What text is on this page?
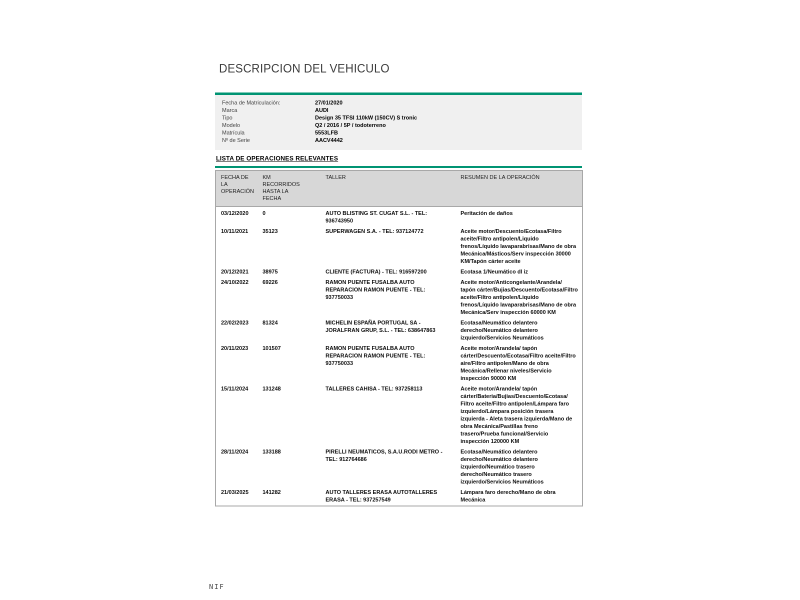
DESCRIPCION DEL VEHICULO
Fecha de Matriculación:	27/01/2020
Marca	AUDI
Tipo	Design 35 TFSI 110kW (150CV) S tronic
Modelo	Q2 / 2016 / 5P / todoterreno
Matrícula	5553LFB
Nº de Serie	AACV4442
LISTA DE OPERACIONES RELEVANTES
FECHA DE LA OPERACIÓN	KM RECORRIDOS HASTA LA FECHA	TALLER	RESUMEN DE LA OPERACIÓN

03/12/2020	0	AUTO BLISTING ST. CUGAT S.L. - TEL: 936743950	Peritación de daños
10/11/2021	35123	SUPERWAGEN S.A. - TEL: 937124772	Aceite motor/Descuento/Ecotasa/Filtro aceite/Filtro antipolen/Liquido frenos/Líquido lavaparabrisas/Mano de obra Mecánica/Másticos/Serv inspección 30000 KM/Tapón cárter aceite
20/12/2021	38975	CLIENTE (FACTURA) - TEL: 916597200	Ecotasa 1/Neumático dl iz
24/10/2022	69226	RAMON PUENTE FUSALBA AUTO REPARACION RAMON PUENTE - TEL: 937750033	Aceite motor/Anticongelante/Arandela/ tapón cárter/Bujias/Descuento/Ecotasa/Filtro aceite/Filtro antipolen/Liquido frenos/Líquido lavaparabrisas/Mano de obra Mecánica/Serv inspección 60000 KM
22/02/2023	81324	MICHELIN ESPAÑA PORTUGAL SA - JORALFRAN GRUP, S.L. - TEL: 638647863	Ecotasa/Neumático delantero derecho/Neumático delantero izquierdo/Servicios Neumáticos
20/11/2023	101507	RAMON PUENTE FUSALBA AUTO REPARACION RAMON PUENTE - TEL: 937750033	Aceite motor/Arandela/ tapón cárter/Descuento/Ecotasa/Filtro aceite/Filtro aire/Filtro antipolen/Mano de obra Mecánica/Rellenar niveles/Servicio inspección 90000 KM
15/11/2024	131248	TALLERES CAHISA - TEL: 937258113	Aceite motor/Arandela/ tapón cárter/Bateria/Bujias/Descuento/Ecotasa/ Filtro aceite/Filtro antipolen/Lámpara faro izquierdo/Lámpara posición trasera izquierda - Aleta trasera izquierda/Mano de obra Mecánica/Pastillas freno trasero/Prueba funcional/Servicio inspección 120000 KM
28/11/2024	133188	PIRELLI NEUMATICOS, S.A.U.RODI METRO - TEL: 912764686	Ecotasa/Neumático delantero derecho/Neumático delantero izquierdo/Neumático trasero derecho/Neumático trasero izquierdo/Servicios Neumáticos
21/03/2025	141282	AUTO TALLERES ERASA AUTOTALLERES ERASA - TEL: 937257549	Lámpara faro derecho/Mano de obra Mecánica
NIF
